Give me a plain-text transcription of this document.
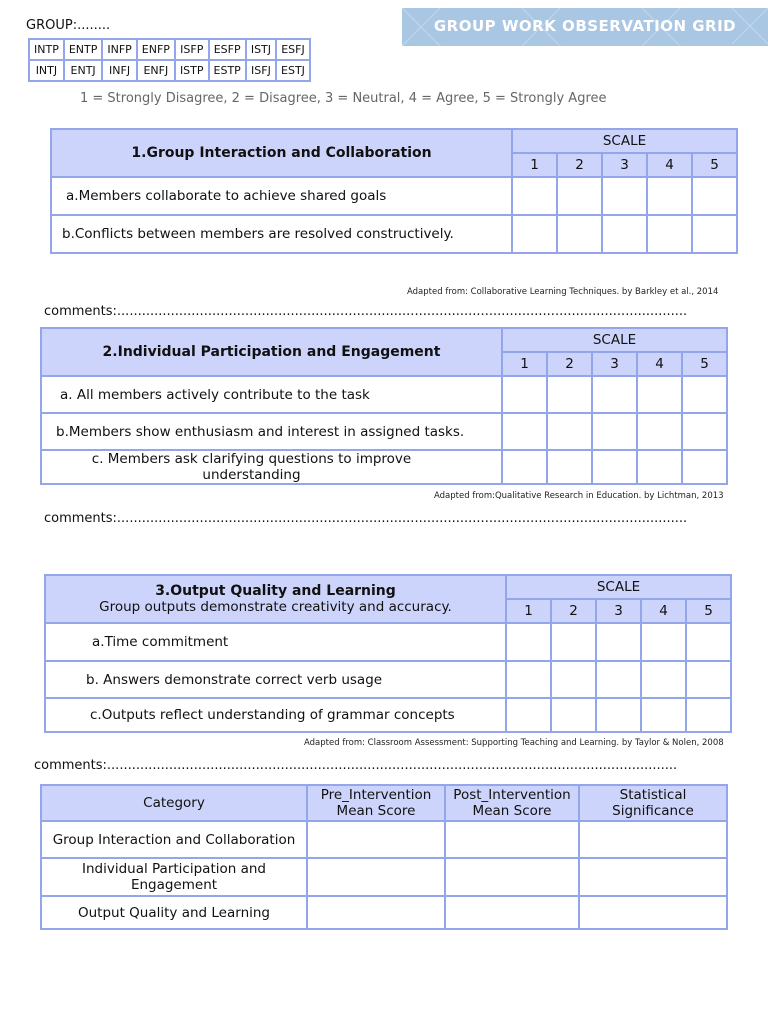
GROUP WORK OBSERVATION GRID
GROUP:........
INTP	ENTP	INFP	ENFP	ISFP	ESFP	ISTJ	ESFJ
INTJ	ENTJ	INFJ	ENFJ	ISTP	ESTP	ISFJ	ESTJ
1 = Strongly Disagree, 2 = Disagree, 3 = Neutral, 4 = Agree, 5 = Strongly Agree
1.Group Interaction and Collaboration	SCALE				
	1	2	3	4	5
a.Members collaborate to achieve shared goals					
b.Conflicts between members are resolved constructively.					
Adapted from: Collaborative Learning Techniques. by Barkley et al., 2014
comments:..........................................................................................................................................
2.Individual Participation and Engagement	SCALE				
	1	2	3	4	5
a. All members actively contribute to the task					
b.Members show enthusiasm and interest in assigned tasks.					
c. Members ask clarifying questions to improve understanding					
Adapted from:Qualitative Research in Education. by Lichtman, 2013
comments:..........................................................................................................................................
3.Output Quality and Learning
Group outputs demonstrate creativity and accuracy.	SCALE				
	1	2	3	4	5
a.Time commitment					
b. Answers demonstrate correct verb usage					
c.Outputs reflect understanding of grammar concepts					
Adapted from: Classroom Assessment: Supporting Teaching and Learning. by Taylor & Nolen, 2008
comments:..........................................................................................................................................
Category	Pre_Intervention Mean Score	Post_Intervention Mean Score	Statistical Significance
Group Interaction and Collaboration			
Individual Participation and Engagement			
Output Quality and Learning			
